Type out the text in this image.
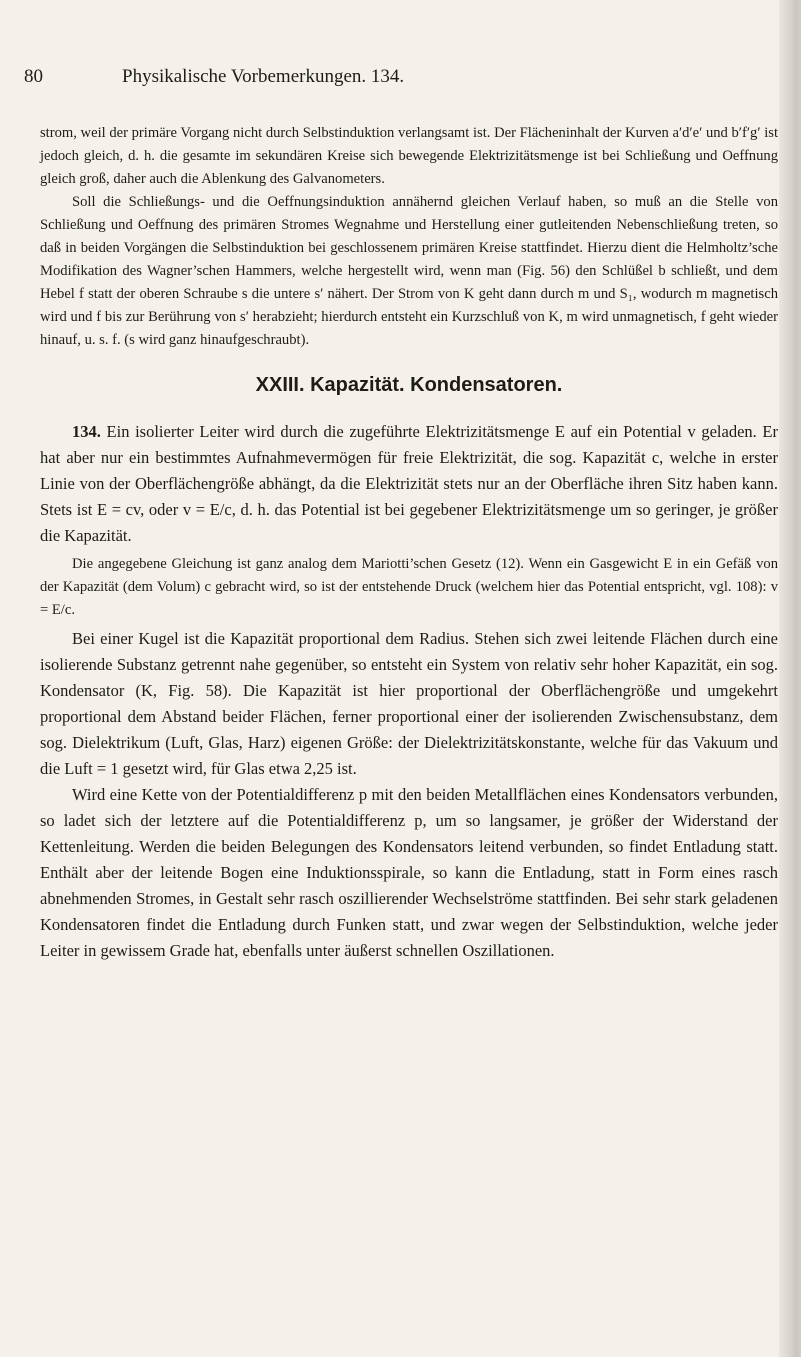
80	Physikalische Vorbemerkungen. 134.

strom, weil der primäre Vorgang nicht durch Selbstinduktion verlangsamt ist. Der Flächeninhalt der Kurven a′d′e′ und b′f′g′ ist jedoch gleich, d. h. die gesamte im sekundären Kreise sich bewegende Elektrizitätsmenge ist bei Schließung und Oeffnung gleich groß, daher auch die Ablenkung des Galvanometers.

Soll die Schließungs- und die Oeffnungsinduktion annähernd gleichen Verlauf haben, so muß an die Stelle von Schließung und Oeffnung des primären Stromes Wegnahme und Herstellung einer gutleitenden Nebenschließung treten, so daß in beiden Vorgängen die Selbstinduktion bei geschlossenem primären Kreise stattfindet. Hierzu dient die Helmholtz’sche Modifikation des Wagner’schen Hammers, welche hergestellt wird, wenn man (Fig. 56) den Schlüßel b schließt, und dem Hebel f statt der oberen Schraube s die untere s′ nähert. Der Strom von K geht dann durch m und S₁, wodurch m magnetisch wird und f bis zur Berührung von s′ herabzieht; hierdurch entsteht ein Kurzschluß von K, m wird unmagnetisch, f geht wieder hinauf, u. s. f. (s wird ganz hinaufgeschraubt).

XXIII. Kapazität. Kondensatoren.

134. Ein isolierter Leiter wird durch die zugeführte Elektrizitätsmenge E auf ein Potential v geladen. Er hat aber nur ein bestimmtes Aufnahmevermögen für freie Elektrizität, die sog. Kapazität c, welche in erster Linie von der Oberflächengröße abhängt, da die Elektrizität stets nur an der Oberfläche ihren Sitz haben kann. Stets ist E = cv, oder v = E/c, d. h. das Potential ist bei gegebener Elektrizitätsmenge um so geringer, je größer die Kapazität.

Die angegebene Gleichung ist ganz analog dem Mariotti’schen Gesetz (12). Wenn ein Gasgewicht E in ein Gefäß von der Kapazität (dem Volum) c gebracht wird, so ist der entstehende Druck (welchem hier das Potential entspricht, vgl. 108): v = E/c.

Bei einer Kugel ist die Kapazität proportional dem Radius. Stehen sich zwei leitende Flächen durch eine isolierende Substanz getrennt nahe gegenüber, so entsteht ein System von relativ sehr hoher Kapazität, ein sog. Kondensator (K, Fig. 58). Die Kapazität ist hier proportional der Oberflächengröße und umgekehrt proportional dem Abstand beider Flächen, ferner proportional einer der isolierenden Zwischensubstanz, dem sog. Dielektrikum (Luft, Glas, Harz) eigenen Größe: der Dielektrizitätskonstante, welche für das Vakuum und die Luft = 1 gesetzt wird, für Glas etwa 2,25 ist.

Wird eine Kette von der Potentialdifferenz p mit den beiden Metallflächen eines Kondensators verbunden, so ladet sich der letztere auf die Potentialdifferenz p, um so langsamer, je größer der Widerstand der Kettenleitung. Werden die beiden Belegungen des Kondensators leitend verbunden, so findet Entladung statt. Enthält aber der leitende Bogen eine Induktionsspirale, so kann die Entladung, statt in Form eines rasch abnehmenden Stromes, in Gestalt sehr rasch oszillierender Wechselströme stattfinden. Bei sehr stark geladenen Kondensatoren findet die Entladung durch Funken statt, und zwar wegen der Selbstinduktion, welche jeder Leiter in gewissem Grade hat, ebenfalls unter äußerst schnellen Oszillationen.
